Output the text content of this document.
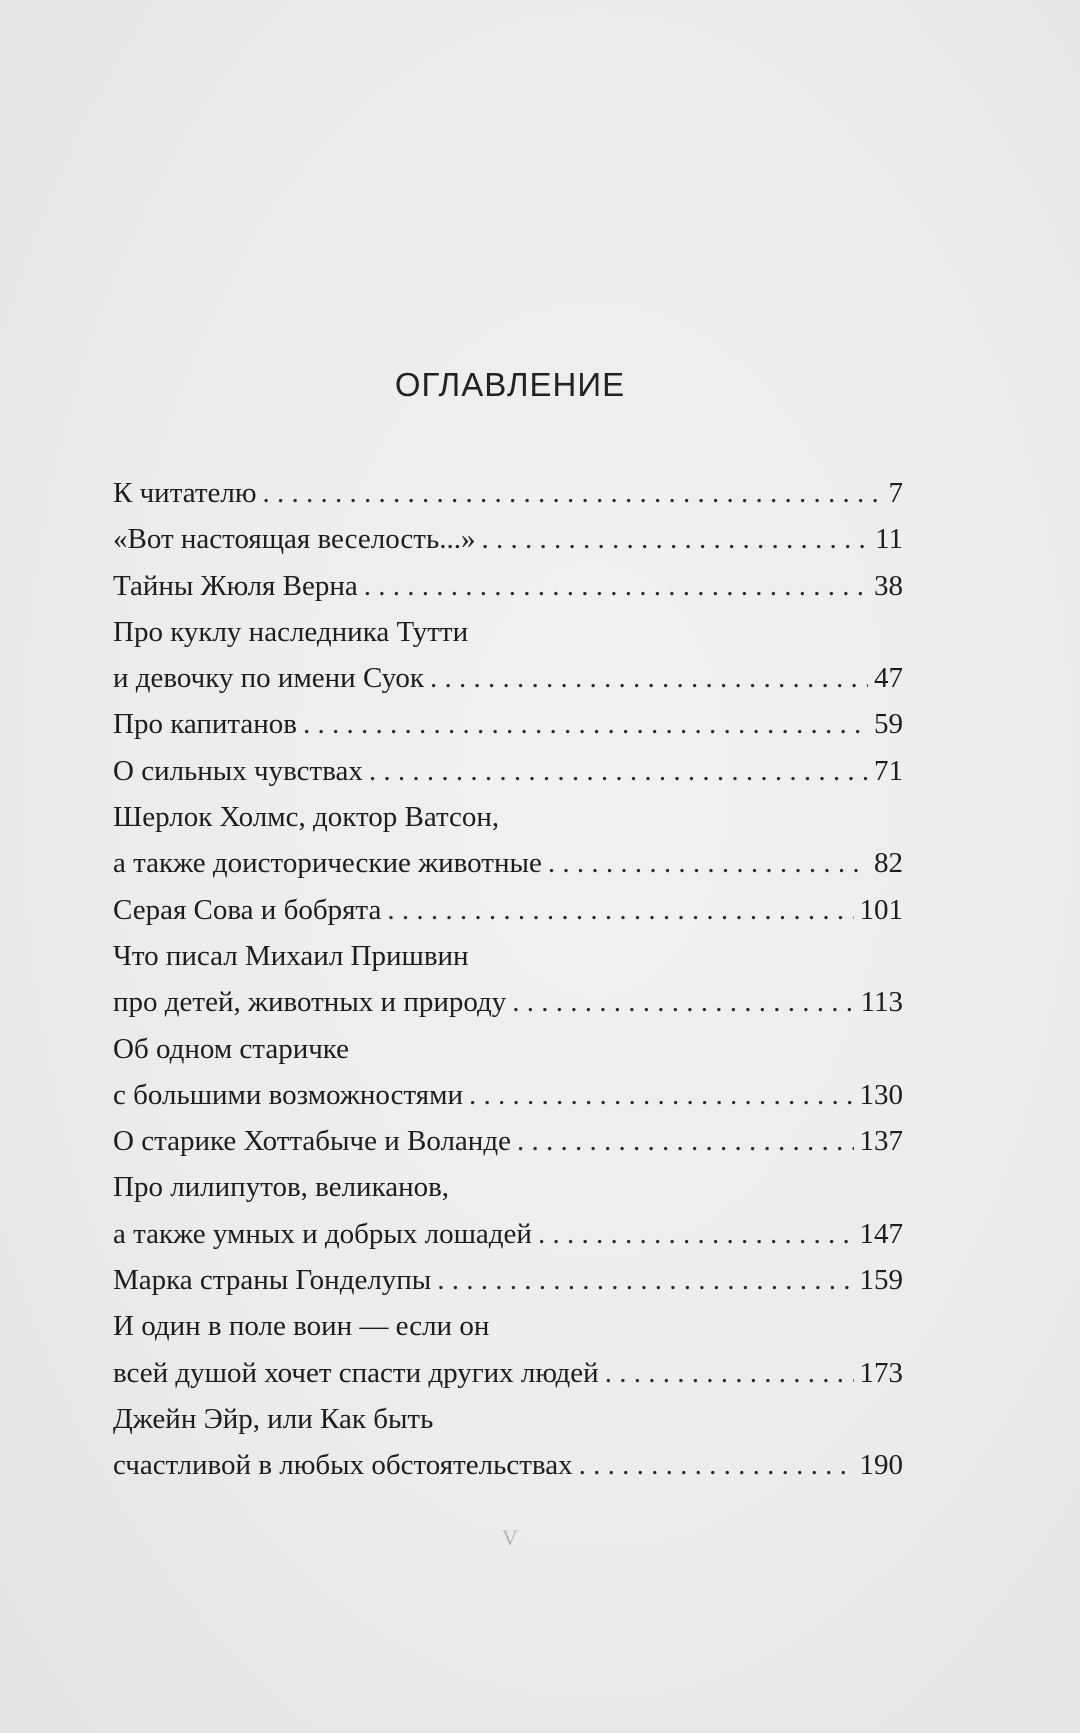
ОГЛАВЛЕНИЕ
К читателю . . .	7
«Вот настоящая веселость...» . . .	11
Тайны Жюля Верна . . .	38
Про куклу наследника Тутти
и девочку по имени Суок . . .	47
Про капитанов . . .	59
О сильных чувствах . . .	71
Шерлок Холмс, доктор Ватсон,
а также доисторические животные . . .	82
Серая Сова и бобрята . . .	101
Что писал Михаил Пришвин
про детей, животных и природу . . .	113
Об одном старичке
с большими возможностями . . .	130
О старике Хоттабыче и Воланде . . .	137
Про лилипутов, великанов,
а также умных и добрых лошадей . . .	147
Марка страны Гонделупы . . .	159
И один в поле воин — если он
всей душой хочет спасти других людей . . .	173
Джейн Эйр, или Как быть
счастливой в любых обстоятельствах . . .	190
V
